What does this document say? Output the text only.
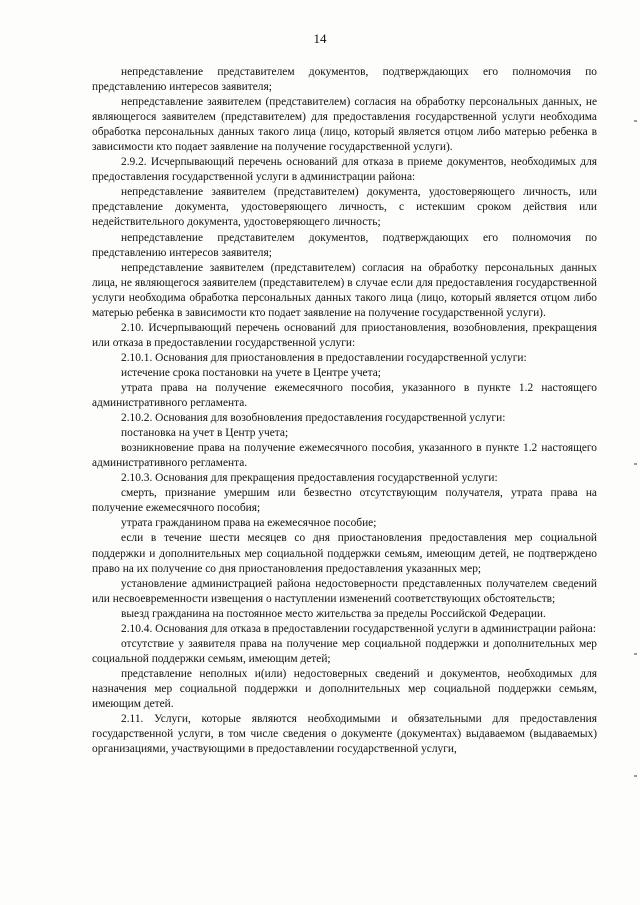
14

непредставление представителем документов, подтверждающих его полномочия по представлению интересов заявителя;

непредставление заявителем (представителем) согласия на обработку персональных данных, не являющегося заявителем (представителем) для предоставления государственной услуги необходима обработка персональных данных такого лица (лицо, который является отцом либо матерью ребенка в зависимости кто подает заявление на получение государственной услуги).

2.9.2. Исчерпывающий перечень оснований для отказа в приеме документов, необходимых для предоставления государственной услуги в администрации района:

непредставление заявителем (представителем) документа, удостоверяющего личность, или представление документа, удостоверяющего личность, с истекшим сроком действия или недействительного документа, удостоверяющего личность;

непредставление представителем документов, подтверждающих его полномочия по представлению интересов заявителя;

непредставление заявителем (представителем) согласия на обработку персональных данных лица, не являющегося заявителем (представителем) в случае если для предоставления государственной услуги необходима обработка персональных данных такого лица (лицо, который является отцом либо матерью ребенка в зависимости кто подает заявление на получение государственной услуги).

2.10. Исчерпывающий перечень оснований для приостановления, возобновления, прекращения или отказа в предоставлении государственной услуги:

2.10.1. Основания для приостановления в предоставлении государственной услуги:

истечение срока постановки на учете в Центре учета;

утрата права на получение ежемесячного пособия, указанного в пункте 1.2 настоящего административного регламента.

2.10.2. Основания для возобновления предоставления государственной услуги:

постановка на учет в Центр учета;

возникновение права на получение ежемесячного пособия, указанного в пункте 1.2 настоящего административного регламента.

2.10.3. Основания для прекращения предоставления государственной услуги:

смерть, признание умершим или безвестно отсутствующим получателя, утрата права на получение ежемесячного пособия;

утрата гражданином права на ежемесячное пособие;

если в течение шести месяцев со дня приостановления предоставления мер социальной поддержки и дополнительных мер социальной поддержки семьям, имеющим детей, не подтверждено право на их получение со дня приостановления предоставления указанных мер;

установление администрацией района недостоверности представленных получателем сведений или несвоевременности извещения о наступлении изменений соответствующих обстоятельств;

выезд гражданина на постоянное место жительства за пределы Российской Федерации.

2.10.4. Основания для отказа в предоставлении государственной услуги в администрации района:

отсутствие у заявителя права на получение мер социальной поддержки и дополнительных мер социальной поддержки семьям, имеющим детей;

представление неполных и(или) недостоверных сведений и документов, необходимых для назначения мер социальной поддержки и дополнительных мер социальной поддержки семьям, имеющим детей.

2.11. Услуги, которые являются необходимыми и обязательными для предоставления государственной услуги, в том числе сведения о документе (документах) выдаваемом (выдаваемых) организациями, участвующими в предоставлении государственной услуги,
